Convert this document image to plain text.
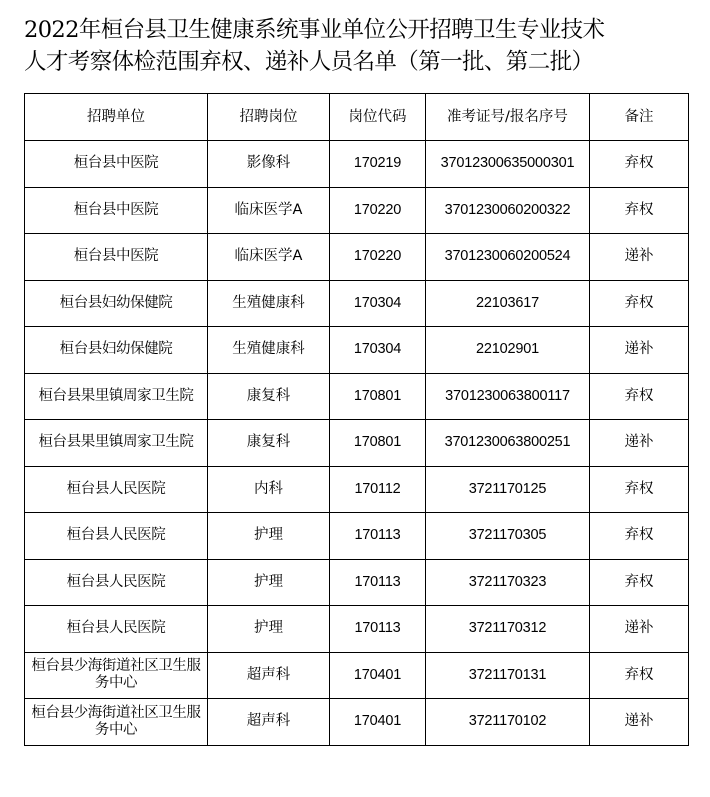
2022年桓台县卫生健康系统事业单位公开招聘卫生专业技术
人才考察体检范围弃权、递补人员名单（第一批、第二批）
招聘单位	招聘岗位	岗位代码	准考证号/报名序号	备注
桓台县中医院	影像科	170219	37012300635000301	弃权
桓台县中医院	临床医学A	170220	3701230060200322	弃权
桓台县中医院	临床医学A	170220	3701230060200524	递补
桓台县妇幼保健院	生殖健康科	170304	22103617	弃权
桓台县妇幼保健院	生殖健康科	170304	22102901	递补
桓台县果里镇周家卫生院	康复科	170801	3701230063800117	弃权
桓台县果里镇周家卫生院	康复科	170801	3701230063800251	递补
桓台县人民医院	内科	170112	3721170125	弃权
桓台县人民医院	护理	170113	3721170305	弃权
桓台县人民医院	护理	170113	3721170323	弃权
桓台县人民医院	护理	170113	3721170312	递补
桓台县少海街道社区卫生服务中心	超声科	170401	3721170131	弃权
桓台县少海街道社区卫生服务中心	超声科	170401	3721170102	递补
